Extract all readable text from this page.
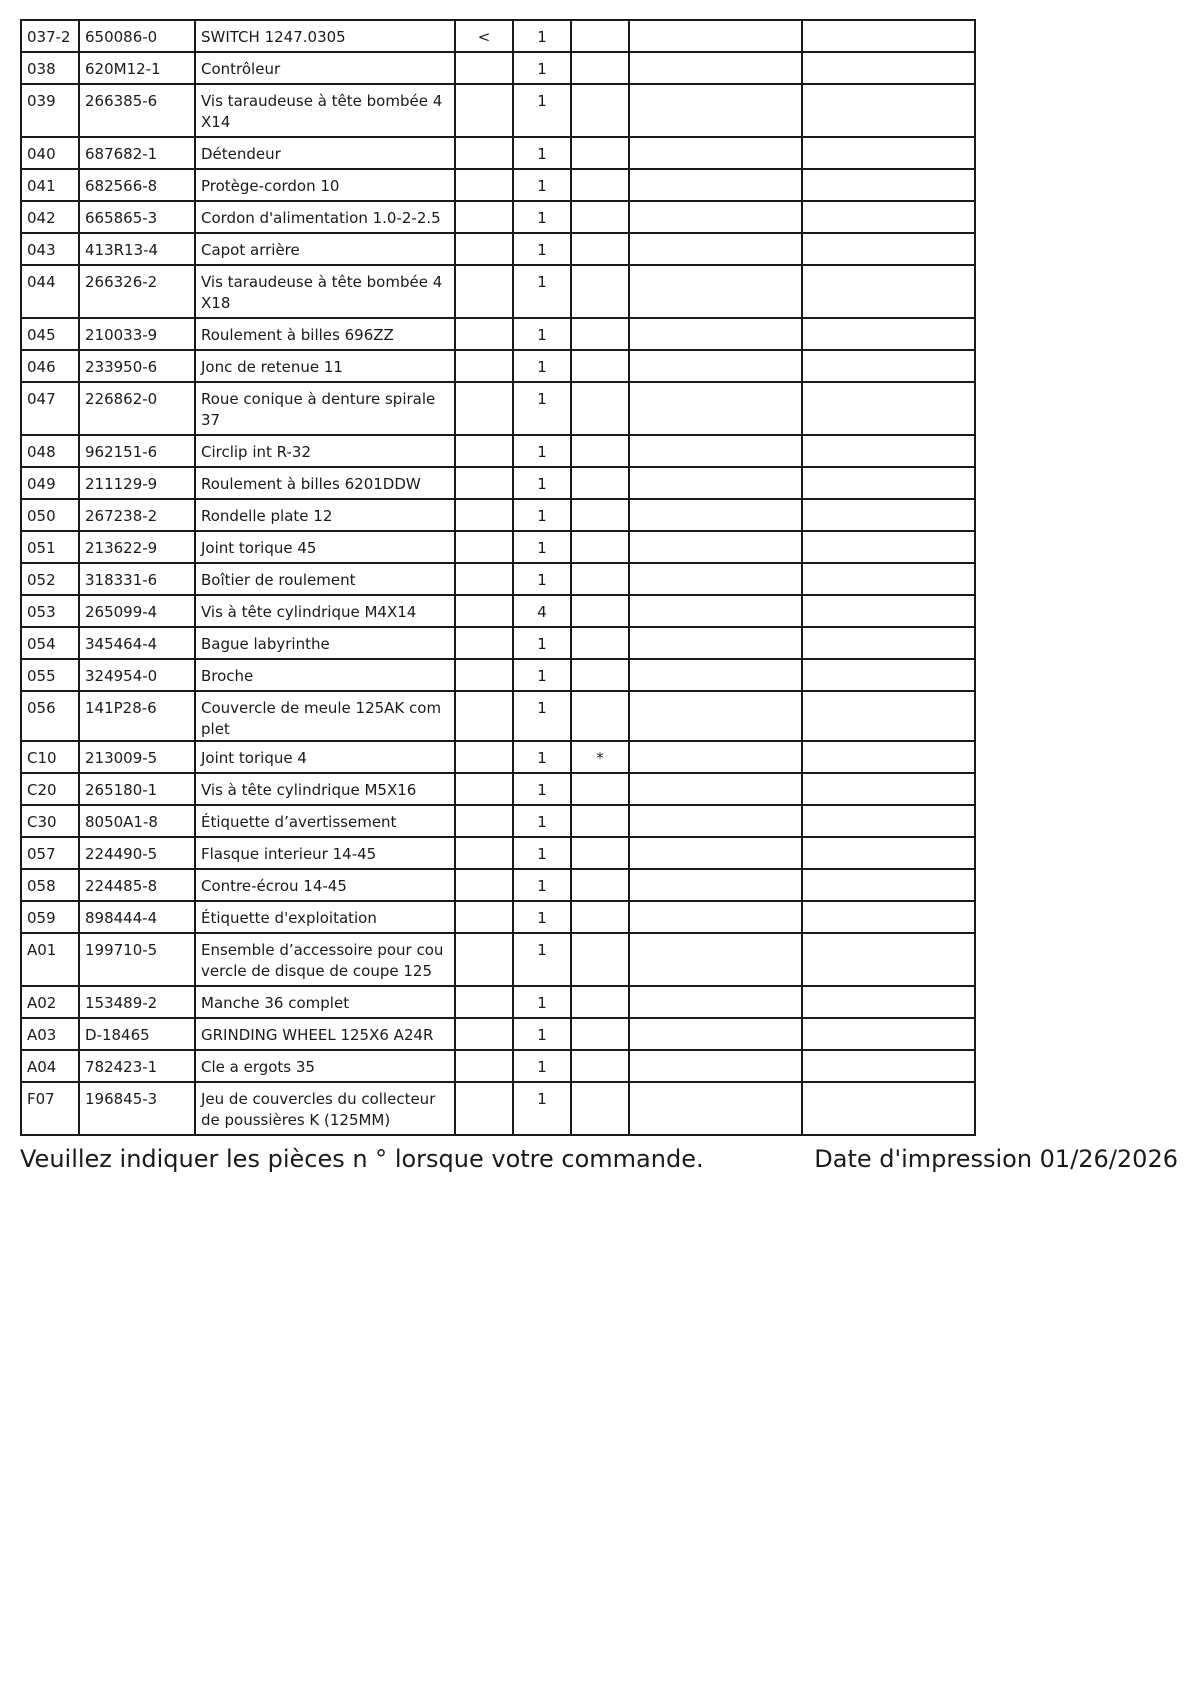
037-2	650086-0	SWITCH 1247.0305	<	1			
038	620M12-1	Contrôleur		1			
039	266385-6	Vis taraudeuse à tête bombée 4X14		1			
040	687682-1	Détendeur		1			
041	682566-8	Protège-cordon 10		1			
042	665865-3	Cordon d'alimentation 1.0-2-2.5		1			
043	413R13-4	Capot arrière		1			
044	266326-2	Vis taraudeuse à tête bombée 4X18		1			
045	210033-9	Roulement à billes 696ZZ		1			
046	233950-6	Jonc de retenue 11		1			
047	226862-0	Roue conique à denture spirale 37		1			
048	962151-6	Circlip int R-32		1			
049	211129-9	Roulement à billes 6201DDW		1			
050	267238-2	Rondelle plate 12		1			
051	213622-9	Joint torique 45		1			
052	318331-6	Boîtier de roulement		1			
053	265099-4	Vis à tête cylindrique M4X14		4			
054	345464-4	Bague labyrinthe		1			
055	324954-0	Broche		1			
056	141P28-6	Couvercle de meule 125AK complet		1			
C10	213009-5	Joint torique 4		1	*		
C20	265180-1	Vis à tête cylindrique M5X16		1			
C30	8050A1-8	Étiquette d’avertissement		1			
057	224490-5	Flasque interieur 14-45		1			
058	224485-8	Contre-écrou 14-45		1			
059	898444-4	Étiquette d'exploitation		1			
A01	199710-5	Ensemble d’accessoire pour couvercle de disque de coupe 125		1			
A02	153489-2	Manche 36 complet		1			
A03	D-18465	GRINDING WHEEL 125X6 A24R		1			
A04	782423-1	Cle a ergots 35		1			
F07	196845-3	Jeu de couvercles du collecteur de poussières K (125MM)		1			
Veuillez indiquer les pièces n ° lorsque votre commande.	Date d'impression 01/26/2026
